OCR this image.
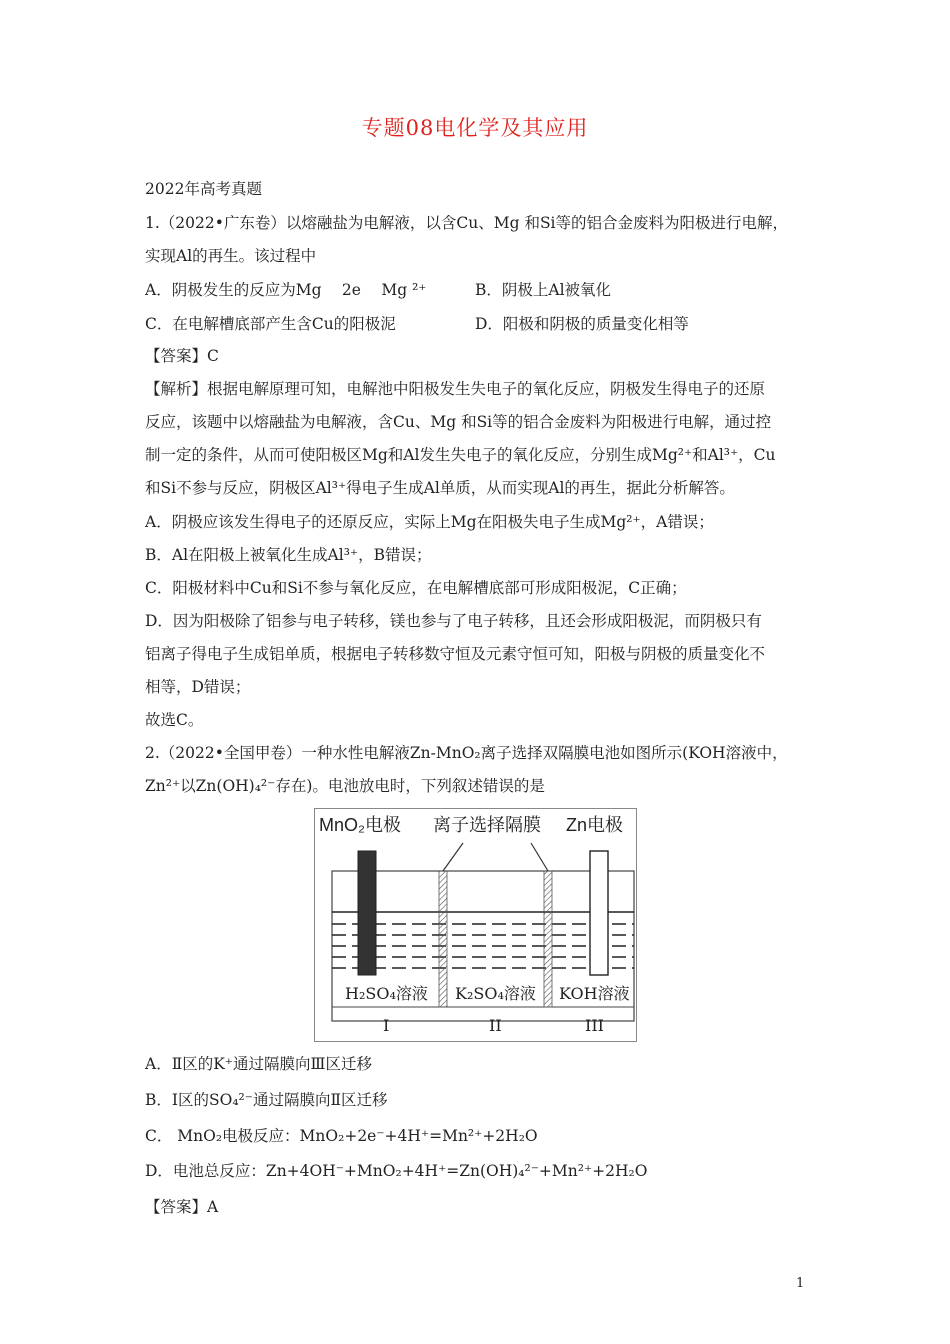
专题08电化学及其应用
2022年高考真题
1.（2022•广东卷）以熔融盐为电解液，以含Cu、Mg 和Si等的铝合金废料为阳极进行电解，
实现Al的再生。该过程中
A．阴极发生的反应为Mg　 2e　 Mg ²⁺	B．阴极上Al被氧化
C．在电解槽底部产生含Cu的阳极泥	D．阳极和阴极的质量变化相等
【答案】C
【解析】根据电解原理可知，电解池中阳极发生失电子的氧化反应，阴极发生得电子的还原
反应，该题中以熔融盐为电解液，含Cu、Mg 和Si等的铝合金废料为阳极进行电解，通过控
制一定的条件，从而可使阳极区Mg和Al发生失电子的氧化反应，分别生成Mg²⁺和Al³⁺，Cu
和Si不参与反应，阴极区Al³⁺得电子生成Al单质，从而实现Al的再生，据此分析解答。
A．阴极应该发生得电子的还原反应，实际上Mg在阳极失电子生成Mg²⁺，A错误；
B．Al在阳极上被氧化生成Al³⁺，B错误；
C．阳极材料中Cu和Si不参与氧化反应，在电解槽底部可形成阳极泥，C正确；
D．因为阳极除了铝参与电子转移，镁也参与了电子转移，且还会形成阳极泥，而阴极只有
铝离子得电子生成铝单质，根据电子转移数守恒及元素守恒可知，阳极与阴极的质量变化不
相等，D错误；
故选C。
2.（2022•全国甲卷）一种水性电解液Zn-MnO₂离子选择双隔膜电池如图所示(KOH溶液中，
Zn²⁺以Zn(OH)₄²⁻存在)。电池放电时，下列叙述错误的是
MnO₂电极 离子选择隔膜 Zn电极
H₂SO₄溶液 K₂SO₄溶液 KOH溶液
I	II	III
A．Ⅱ区的K⁺通过隔膜向Ⅲ区迁移
B．Ⅰ区的SO₄²⁻通过隔膜向Ⅱ区迁移
C． MnO₂电极反应：MnO₂+2e⁻+4H⁺=Mn²⁺+2H₂O
D．电池总反应：Zn+4OH⁻+MnO₂+4H⁺=Zn(OH)₄²⁻+Mn²⁺+2H₂O
【答案】A
1
